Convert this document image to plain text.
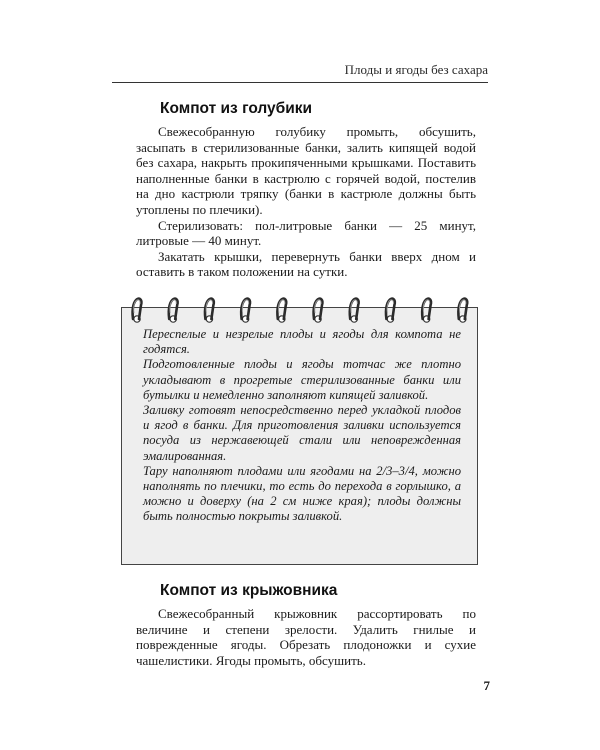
Плоды и ягоды без сахара
Компот из голубики

Свежесобранную голубику промыть, обсушить, засыпать в стерилизованные банки, залить кипящей водой без сахара, накрыть прокипяченными крышками. Поставить наполненные банки в кастрюлю с горячей водой, постелив на дно кастрюли тряпку (банки в кастрюле должны быть утоплены по плечики).

Стерилизовать: пол-литровые банки — 25 минут, литровые — 40 минут.

Закатать крышки, перевернуть банки вверх дном и оставить в таком положении на сутки.

Переспелые и незрелые плоды и ягоды для компота не годятся.

Подготовленные плоды и ягоды тотчас же плотно укладывают в прогретые стерилизованные банки или бутылки и немедленно заполняют кипящей заливкой.

Заливку готовят непосредственно перед укладкой плодов и ягод в банки. Для приготовления заливки используется посуда из нержавеющей стали или неповрежденная эмалированная.

Тару наполняют плодами или ягодами на 2/3–3/4, можно наполнять по плечики, то есть до перехода в горлышко, а можно и доверху (на 2 см ниже края); плоды должны быть полностью покрыты заливкой.

Компот из крыжовника

Свежесобранный крыжовник рассортировать по величине и степени зрелости. Удалить гнилые и поврежденные ягоды. Обрезать плодоножки и сухие чашелистики. Ягоды промыть, обсушить.

7
